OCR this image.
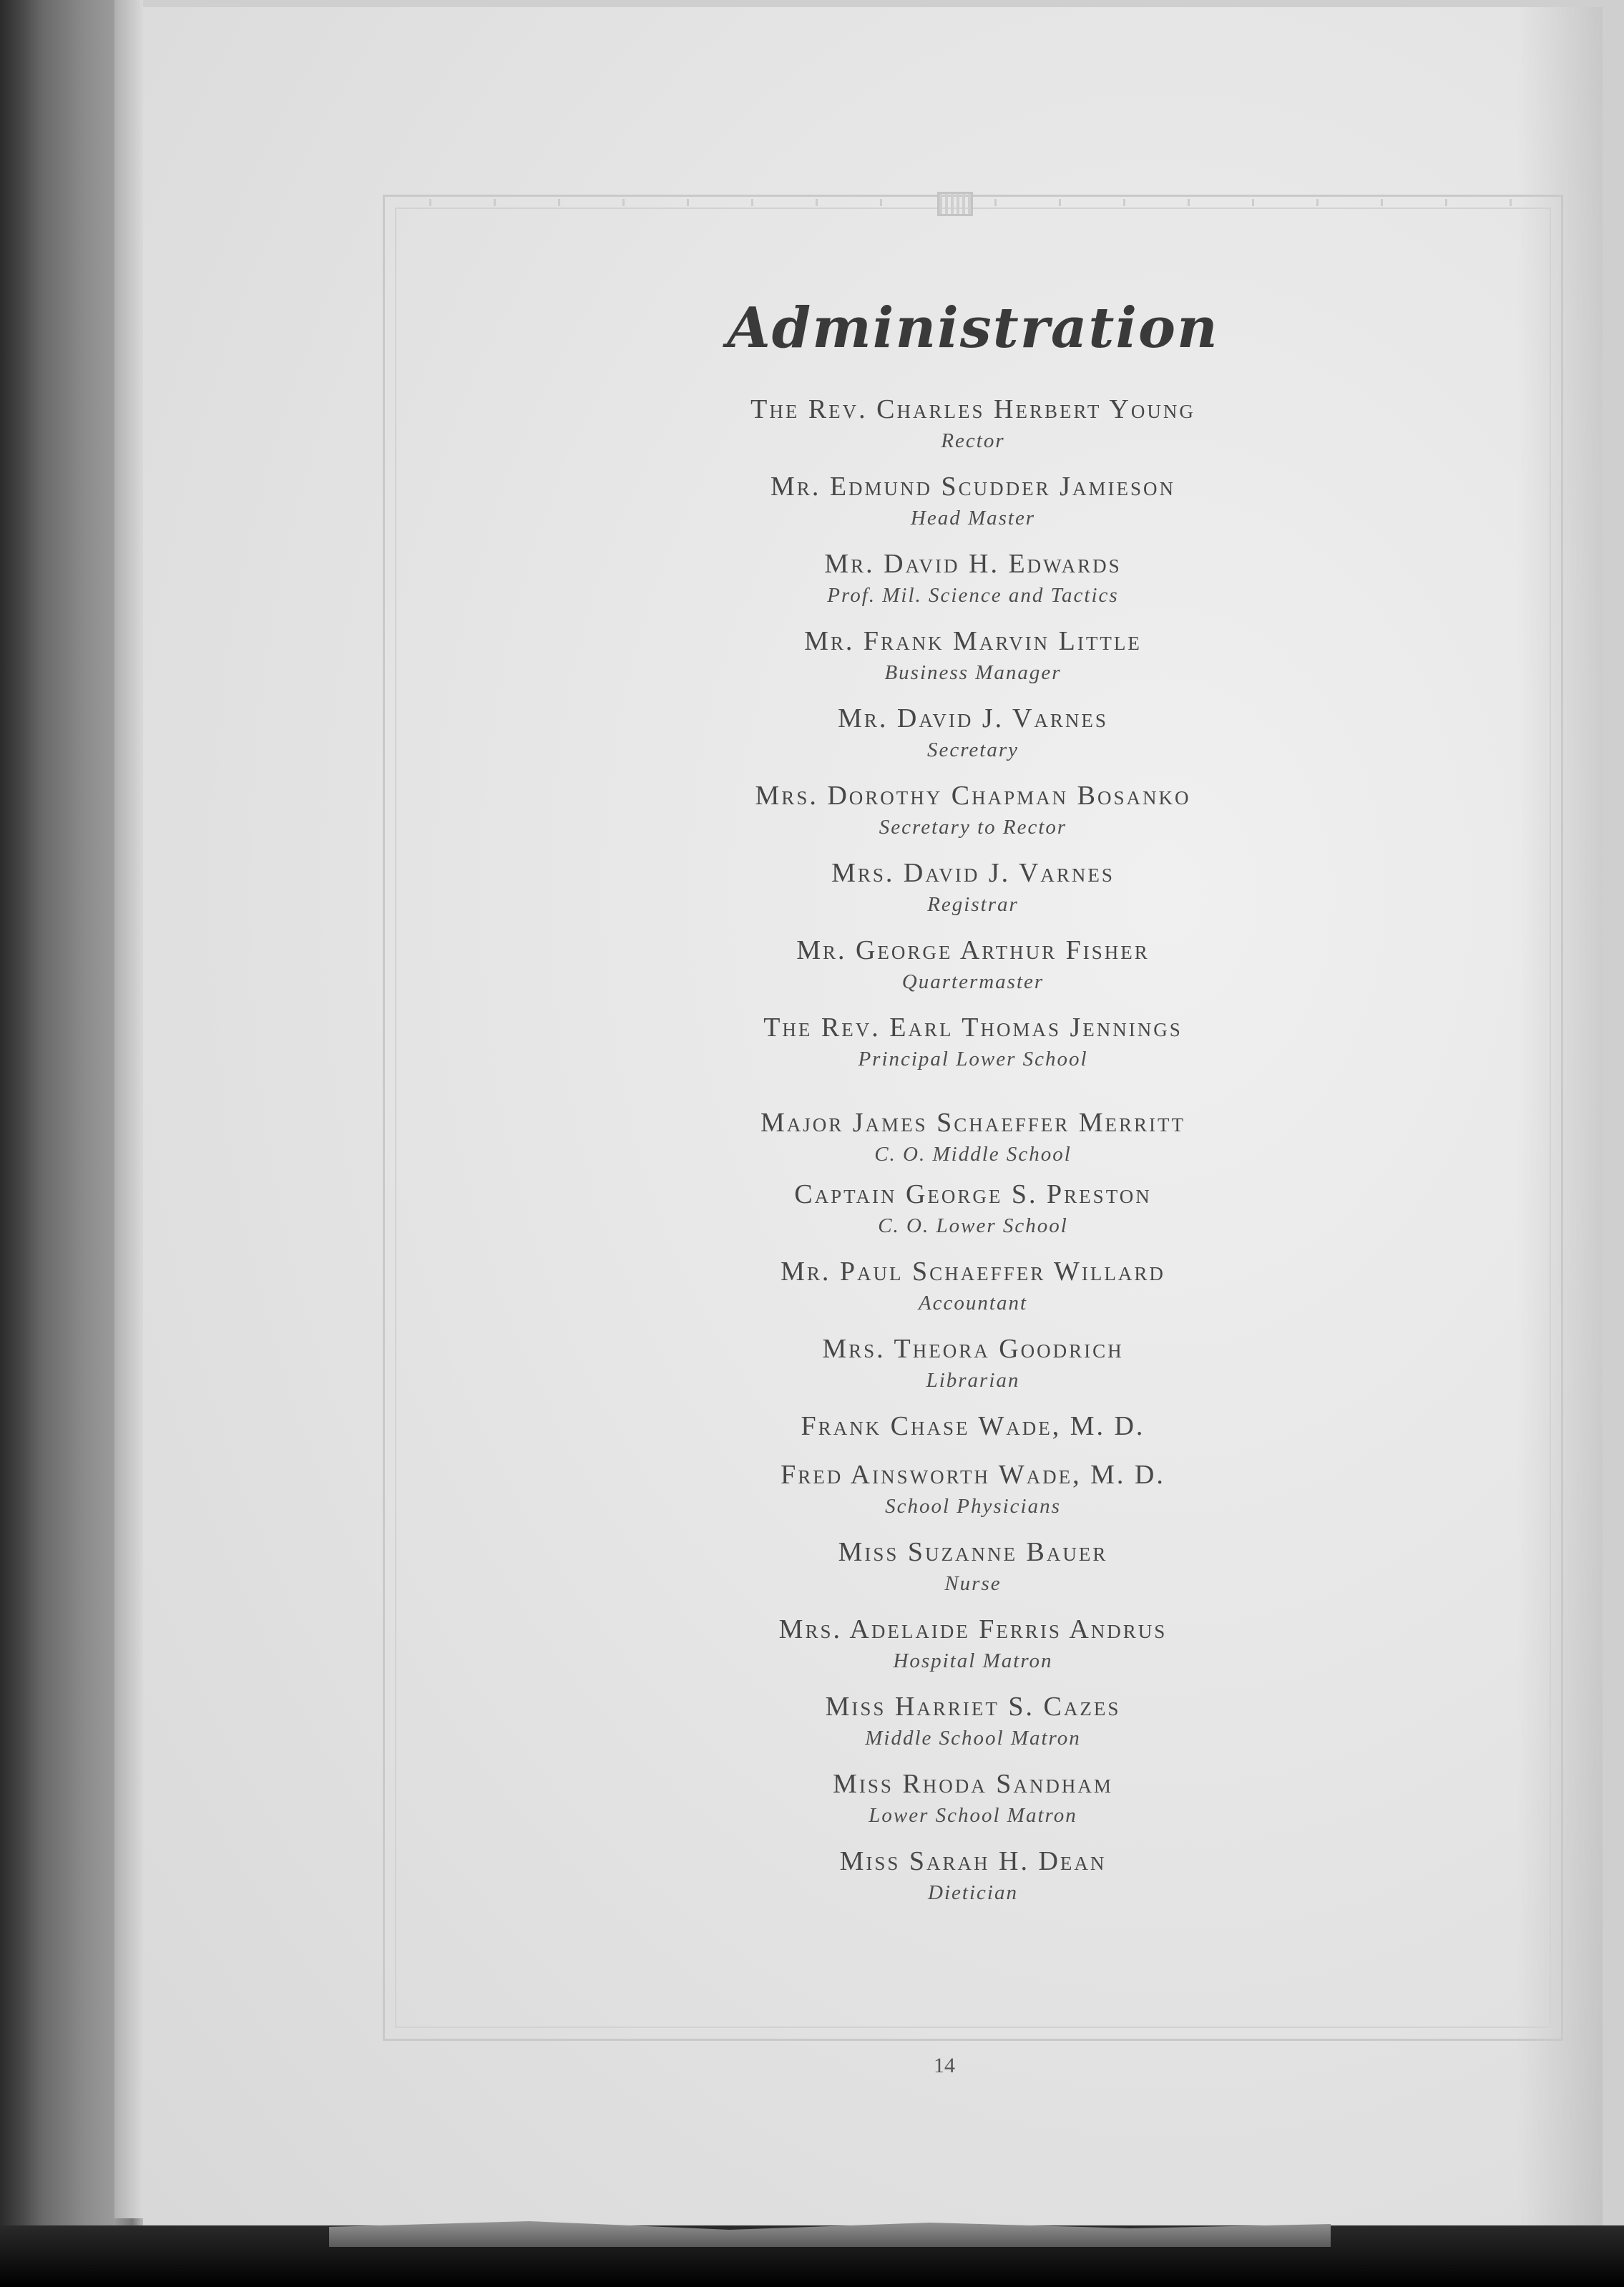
Administration
The Rev. Charles Herbert Young
Rector
Mr. Edmund Scudder Jamieson
Head Master
Mr. David H. Edwards
Prof. Mil. Science and Tactics
Mr. Frank Marvin Little
Business Manager
Mr. David J. Varnes
Secretary
Mrs. Dorothy Chapman Bosanko
Secretary to Rector
Mrs. David J. Varnes
Registrar
Mr. George Arthur Fisher
Quartermaster
The Rev. Earl Thomas Jennings
Principal Lower School
Major James Schaeffer Merritt
C. O. Middle School
Captain George S. Preston
C. O. Lower School
Mr. Paul Schaeffer Willard
Accountant
Mrs. Theora Goodrich
Librarian
Frank Chase Wade, M. D.
Fred Ainsworth Wade, M. D.
School Physicians
Miss Suzanne Bauer
Nurse
Mrs. Adelaide Ferris Andrus
Hospital Matron
Miss Harriet S. Cazes
Middle School Matron
Miss Rhoda Sandham
Lower School Matron
Miss Sarah H. Dean
Dietician
14
